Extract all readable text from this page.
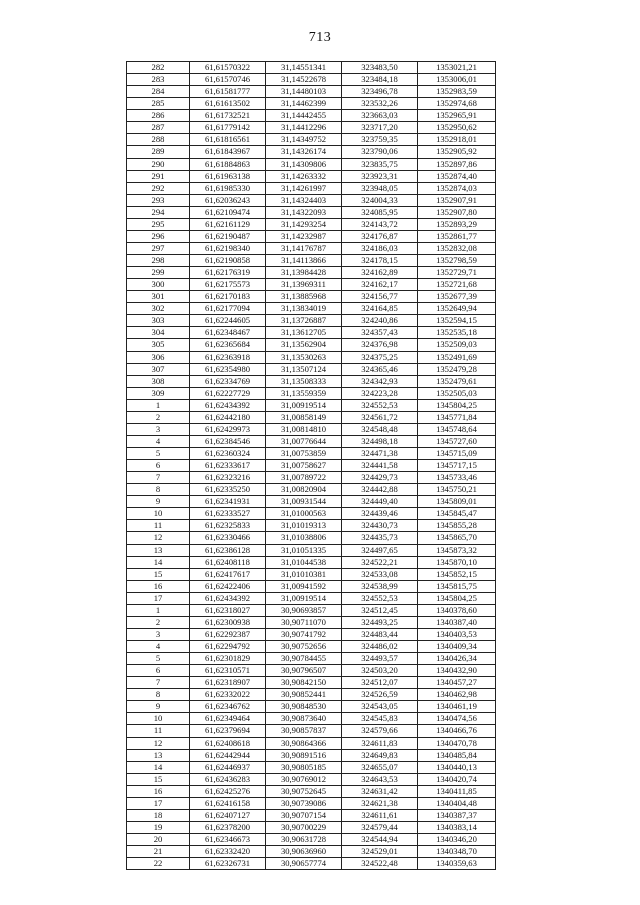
713
282	61,61570322	31,14551341	323483,50	1353021,21
283	61,61570746	31,14522678	323484,18	1353006,01
284	61,61581777	31,14480103	323496,78	1352983,59
285	61,61613502	31,14462399	323532,26	1352974,68
286	61,61732521	31,14442455	323663,03	1352965,91
287	61,61779142	31,14412296	323717,20	1352950,62
288	61,61816561	31,14349752	323759,35	1352918,01
289	61,61843967	31,14326174	323790,06	1352905,92
290	61,61884863	31,14309806	323835,75	1352897,86
291	61,61963138	31,14263332	323923,31	1352874,40
292	61,61985330	31,14261997	323948,05	1352874,03
293	61,62036243	31,14324403	324004,33	1352907,91
294	61,62109474	31,14322093	324085,95	1352907,80
295	61,62161129	31,14293254	324143,72	1352893,29
296	61,62190487	31,14232987	324176,87	1352861,77
297	61,62198340	31,14176787	324186,03	1352832,08
298	61,62190858	31,14113866	324178,15	1352798,59
299	61,62176319	31,13984428	324162,89	1352729,71
300	61,62175573	31,13969311	324162,17	1352721,68
301	61,62170183	31,13885968	324156,77	1352677,39
302	61,62177094	31,13834019	324164,85	1352649,94
303	61,62244605	31,13726887	324240,86	1352594,15
304	61,62348467	31,13612705	324357,43	1352535,18
305	61,62365684	31,13562904	324376,98	1352509,03
306	61,62363918	31,13530263	324375,25	1352491,69
307	61,62354980	31,13507124	324365,46	1352479,28
308	61,62334769	31,13508333	324342,93	1352479,61
309	61,62227729	31,13559359	324223,28	1352505,03
1	61,62434392	31,00919514	324552,53	1345804,25
2	61,62442180	31,00858149	324561,72	1345771,84
3	61,62429973	31,00814810	324548,48	1345748,64
4	61,62384546	31,00776644	324498,18	1345727,60
5	61,62360324	31,00753859	324471,38	1345715,09
6	61,62333617	31,00758627	324441,58	1345717,15
7	61,62323216	31,00789722	324429,73	1345733,46
8	61,62335250	31,00820904	324442,88	1345750,21
9	61,62341931	31,00931544	324449,40	1345809,01
10	61,62333527	31,01000563	324439,46	1345845,47
11	61,62325833	31,01019313	324430,73	1345855,28
12	61,62330466	31,01038806	324435,73	1345865,70
13	61,62386128	31,01051335	324497,65	1345873,32
14	61,62408118	31,01044538	324522,21	1345870,10
15	61,62417617	31,01010381	324533,08	1345852,15
16	61,62422406	31,00941592	324538,99	1345815,75
17	61,62434392	31,00919514	324552,53	1345804,25
1	61,62318027	30,90693857	324512,45	1340378,60
2	61,62300938	30,90711070	324493,25	1340387,40
3	61,62292387	30,90741792	324483,44	1340403,53
4	61,62294792	30,90752656	324486,02	1340409,34
5	61,62301829	30,90784455	324493,57	1340426,34
6	61,62310571	30,90796507	324503,20	1340432,90
7	61,62318907	30,90842150	324512,07	1340457,27
8	61,62332022	30,90852441	324526,59	1340462,98
9	61,62346762	30,90848530	324543,05	1340461,19
10	61,62349464	30,90873640	324545,83	1340474,56
11	61,62379694	30,90857837	324579,66	1340466,76
12	61,62408618	30,90864366	324611,83	1340470,78
13	61,62442944	30,90891516	324649,83	1340485,84
14	61,62446937	30,90805185	324655,07	1340440,13
15	61,62436283	30,90769012	324643,53	1340420,74
16	61,62425276	30,90752645	324631,42	1340411,85
17	61,62416158	30,90739086	324621,38	1340404,48
18	61,62407127	30,90707154	324611,61	1340387,37
19	61,62378200	30,90700229	324579,44	1340383,14
20	61,62346673	30,90631728	324544,94	1340346,20
21	61,62332420	30,90636960	324529,01	1340348,70
22	61,62326731	30,90657774	324522,48	1340359,63
